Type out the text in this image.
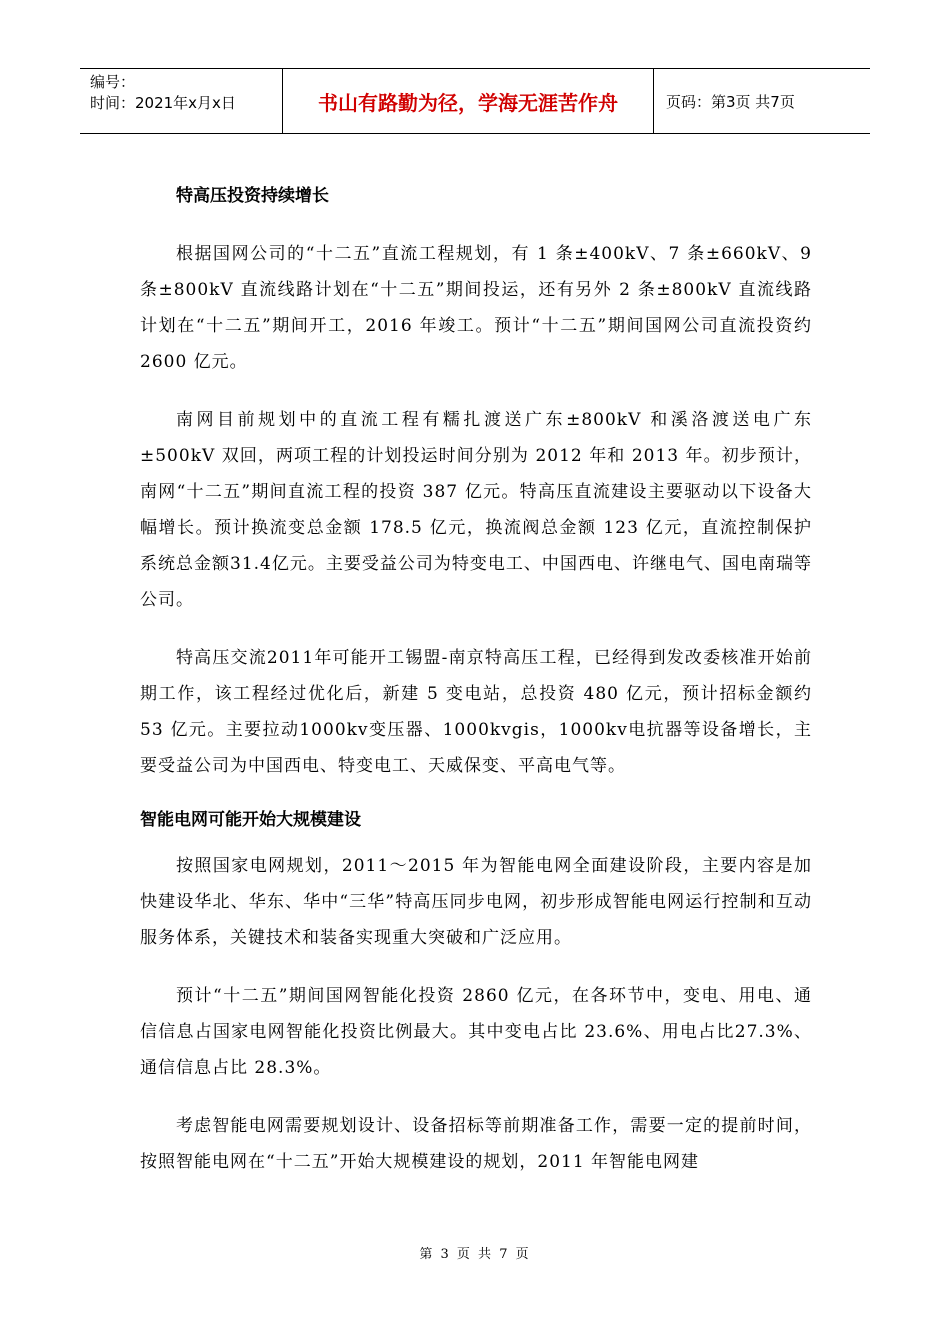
编号：
时间：2021年x月x日	书山有路勤为径，学海无涯苦作舟	页码：第3页 共7页
特高压投资持续增长

根据国网公司的“十二五”直流工程规划，有 1 条±400kV、7 条±660kV、9 条±800kV 直流线路计划在“十二五”期间投运，还有另外 2 条±800kV 直流线路计划在“十二五”期间开工，2016 年竣工。预计“十二五”期间国网公司直流投资约 2600 亿元。

南网目前规划中的直流工程有糯扎渡送广东±800kV 和溪洛渡送电广东±500kV 双回，两项工程的计划投运时间分别为 2012 年和 2013 年。初步预计，南网“十二五”期间直流工程的投资 387 亿元。特高压直流建设主要驱动以下设备大幅增长。预计换流变总金额 178.5 亿元，换流阀总金额 123 亿元，直流控制保护系统总金额31.4亿元。主要受益公司为特变电工、中国西电、许继电气、国电南瑞等公司。

特高压交流2011年可能开工锡盟-南京特高压工程，已经得到发改委核准开始前期工作，该工程经过优化后，新建 5 变电站，总投资 480 亿元，预计招标金额约 53 亿元。主要拉动1000kv变压器、1000kvgis，1000kv电抗器等设备增长，主要受益公司为中国西电、特变电工、天威保变、平高电气等。

智能电网可能开始大规模建设

按照国家电网规划，2011～2015 年为智能电网全面建设阶段，主要内容是加快建设华北、华东、华中“三华”特高压同步电网，初步形成智能电网运行控制和互动服务体系，关键技术和装备实现重大突破和广泛应用。

预计“十二五”期间国网智能化投资 2860 亿元，在各环节中，变电、用电、通信信息占国家电网智能化投资比例最大。其中变电占比 23.6%、用电占比27.3%、通信信息占比 28.3%。

考虑智能电网需要规划设计、设备招标等前期准备工作，需要一定的提前时间，按照智能电网在“十二五”开始大规模建设的规划，2011 年智能电网建

第 3 页 共 7 页
